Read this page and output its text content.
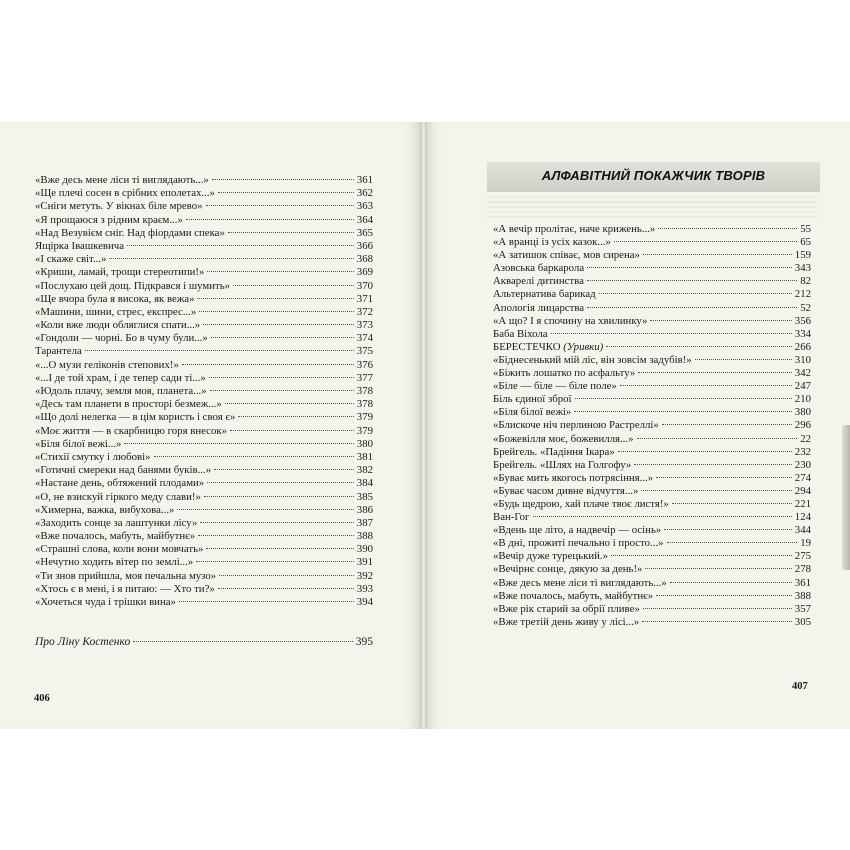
«Вже десь мене ліси ті виглядають...»	361
«Ще плечі сосен в срібних еполетах...»	362
«Сніги метуть. У вікнах біле мрево»	363
«Я прощаюся з рідним краєм...»	364
«Над Везувієм сніг. Над фіордами спека»	365
Ящірка Івашкевича	366
«І скаже світ...»	368
«Криши, ламай, трощи стереотипи!»	369
«Послухаю цей дощ. Підкрався і шумить»	370
«Ще вчора була я висока, як вежа»	371
«Машини, шини, стрес, експрес...»	372
«Коли вже люди обляглися спати...»	373
«Гондоли — чорні. Бо в чуму були...»	374
Тарантела	375
«...О музи геліконів степових!»	376
«...І де той храм, і де тепер сади ті...»	377
«Юдоль плачу, земля моя, планета...»	378
«Десь там планети в просторі безмеж...»	378
«Що долі нелегка — в цім користь і своя є»	379
«Моє життя — в скарбницю горя внесок»	379
«Біля білої вежі...»	380
«Стихії смутку і любові»	381
«Готичні смереки над банями буків...»	382
«Настане день, обтяжений плодами»	384
«О, не взискуй гіркого меду слави!»	385
«Химерна, важка, вибухова...»	386
«Заходить сонце за лаштунки лісу»	387
«Вже почалось, мабуть, майбутнє»	388
«Страшні слова, коли вони мовчать»	390
«Нечутно ходить вітер по землі...»	391
«Ти знов прийшла, моя печальна музо»	392
«Хтось є в мені, і я питаю: — Хто ти?»	393
«Хочеться чуда і трішки вина»	394
Про Ліну Костенко	395
406
АЛФАВІТНИЙ ПОКАЖЧИК ТВОРІВ
«А вечір пролітає, наче крижень...»	55
«А вранці із усіх казок...»	65
«А затишок співає, мов сирена»	159
Азовська баркарола	343
Акварелі дитинства	82
Альтернатива барикад	212
Апологія лицарства	52
«А що? І я спочину на хвилинку»	356
Баба Віхола	334
БЕРЕСТЕЧКО (Уривки)	266
«Біднесенький мій ліс, він зовсім задубів!»	310
«Біжить лошатко по асфальту»	342
«Біле — біле — біле поле»	247
Біль єдиної зброї	210
«Біля білої вежі»	380
«Блискоче ніч перлиною Растреллі»	296
«Божевілля моє, божевилля...»	22
Брейгель. «Падіння Ікара»	232
Брейгель. «Шлях на Голгофу»	230
«Буває мить якогось потрясіння...»	274
«Буває часом дивне відчуття...»	294
«Будь щедрою, хай плаче твоє листя!»	221
Ван-Гог	124
«Вдень ще літо, а надвечір — осінь»	344
«В дні, прожиті печально і просто...»	19
«Вечір дуже турецький.»	275
«Вечірнє сонце, дякую за день!»	278
«Вже десь мене ліси ті виглядають...»	361
«Вже почалось, мабуть, майбутнє»	388
«Вже рік старий за обрії пливе»	357
«Вже третій день живу у лісі...»	305
407
